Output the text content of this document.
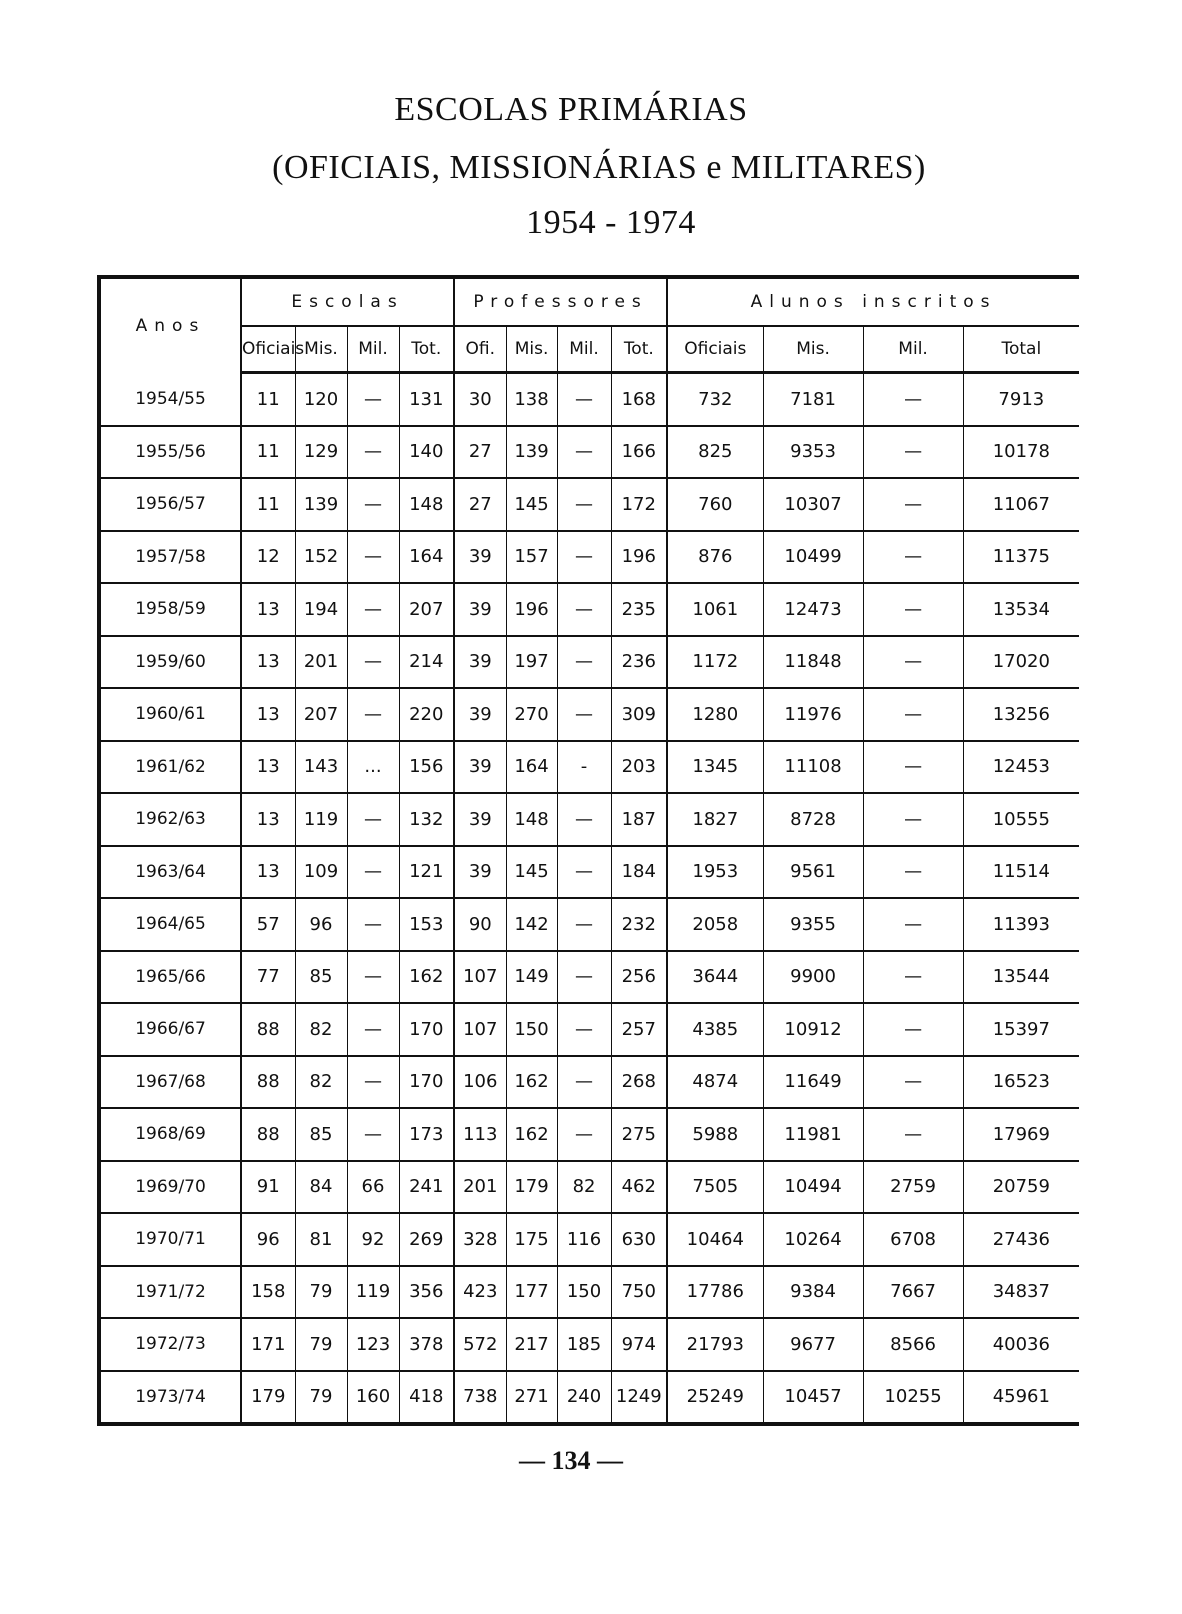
ESCOLAS PRIMÁRIAS
(OFICIAIS, MISSIONÁRIAS e MILITARES)
1954 - 1974
Anos	Escolas				Professores				Alunos inscritos			
	Oficiais	Mis.	Mil.	Tot.	Ofi.	Mis.	Mil.	Tot.	Oficiais	Mis.	Mil.	Total
1954/55	11	120	—	131	30	138	—	168	732	7181	—	7913
1955/56	11	129	—	140	27	139	—	166	825	9353	—	10178
1956/57	11	139	—	148	27	145	—	172	760	10307	—	11067
1957/58	12	152	—	164	39	157	—	196	876	10499	—	11375
1958/59	13	194	—	207	39	196	—	235	1061	12473	—	13534
1959/60	13	201	—	214	39	197	—	236	1172	11848	—	17020
1960/61	13	207	—	220	39	270	—	309	1280	11976	—	13256
1961/62	13	143	...	156	39	164	-	203	1345	11108	—	12453
1962/63	13	119	—	132	39	148	—	187	1827	8728	—	10555
1963/64	13	109	—	121	39	145	—	184	1953	9561	—	11514
1964/65	57	96	—	153	90	142	—	232	2058	9355	—	11393
1965/66	77	85	—	162	107	149	—	256	3644	9900	—	13544
1966/67	88	82	—	170	107	150	—	257	4385	10912	—	15397
1967/68	88	82	—	170	106	162	—	268	4874	11649	—	16523
1968/69	88	85	—	173	113	162	—	275	5988	11981	—	17969
1969/70	91	84	66	241	201	179	82	462	7505	10494	2759	20759
1970/71	96	81	92	269	328	175	116	630	10464	10264	6708	27436
1971/72	158	79	119	356	423	177	150	750	17786	9384	7667	34837
1972/73	171	79	123	378	572	217	185	974	21793	9677	8566	40036
1973/74	179	79	160	418	738	271	240	1249	25249	10457	10255	45961
— 134 —
